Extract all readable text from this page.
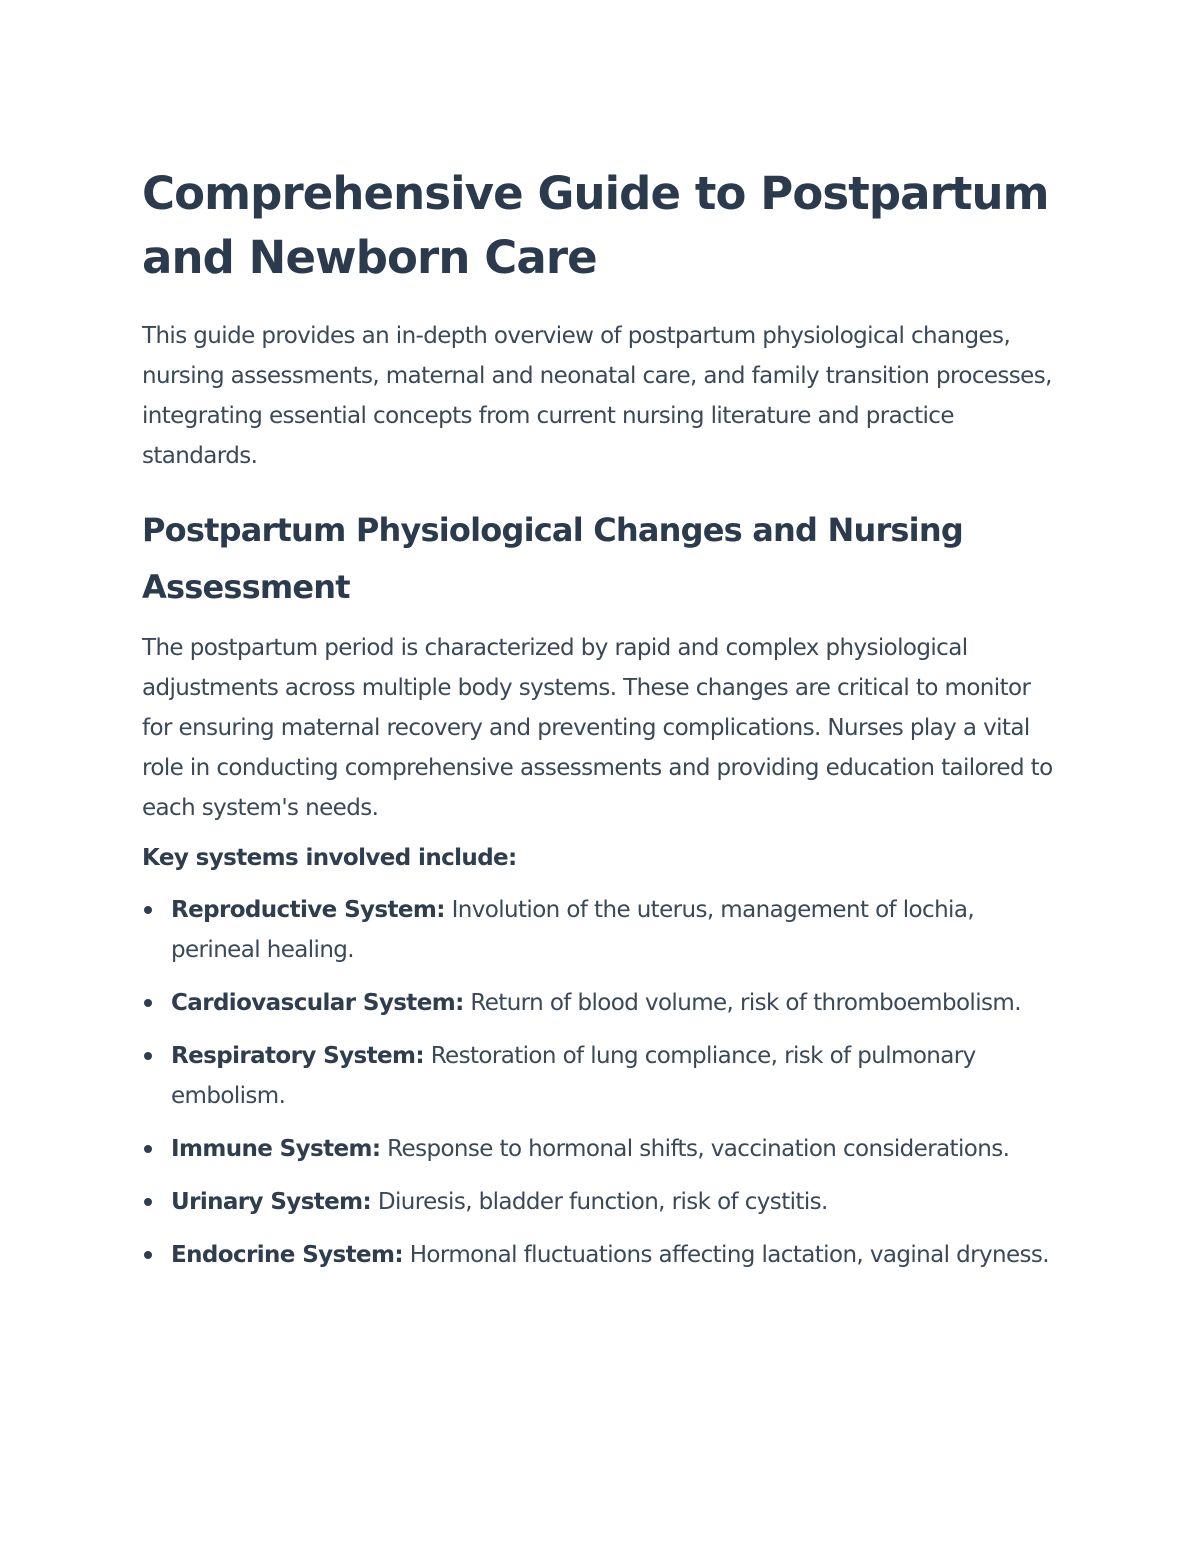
Comprehensive Guide to Postpartum and Newborn Care

This guide provides an in-depth overview of postpartum physiological changes, nursing assessments, maternal and neonatal care, and family transition processes, integrating essential concepts from current nursing literature and practice standards.

Postpartum Physiological Changes and Nursing Assessment

The postpartum period is characterized by rapid and complex physiological adjustments across multiple body systems. These changes are critical to monitor for ensuring maternal recovery and preventing complications. Nurses play a vital role in conducting comprehensive assessments and providing education tailored to each system's needs.

Key systems involved include:

Reproductive System: Involution of the uterus, management of lochia, perineal healing.
Cardiovascular System: Return of blood volume, risk of thromboembolism.
Respiratory System: Restoration of lung compliance, risk of pulmonary embolism.
Immune System: Response to hormonal shifts, vaccination considerations.
Urinary System: Diuresis, bladder function, risk of cystitis.
Endocrine System: Hormonal fluctuations affecting lactation, vaginal dryness.
